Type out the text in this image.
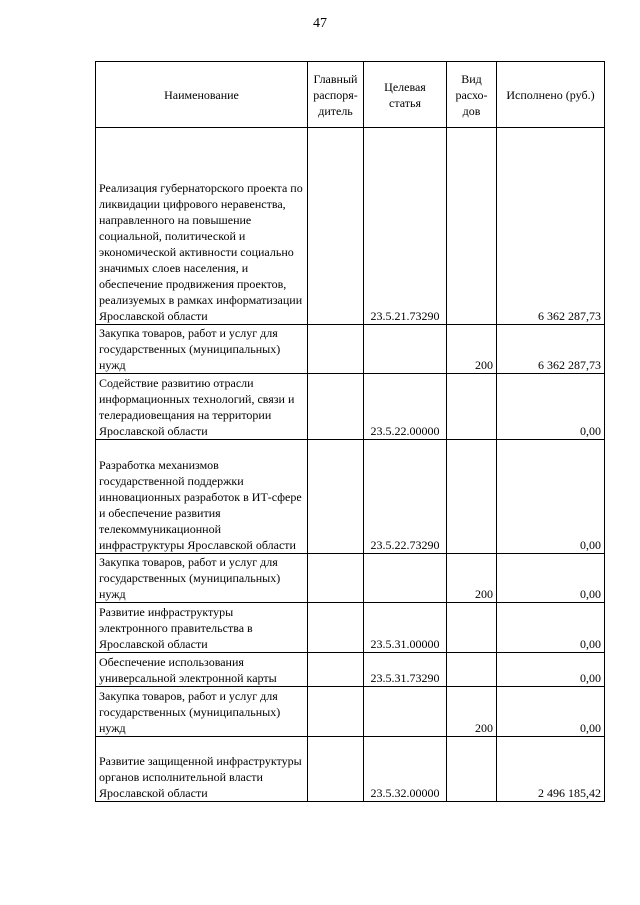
47
Наименование	Главный распоря-дитель	Целевая статья	Вид расхо-дов	Исполнено (руб.)
Реализация губернаторского проекта по ликвидации цифрового неравенства, направленного на повышение социальной, политической и экономической активности социально значимых слоев населения, и обеспечение продвижения проектов, реализуемых в рамках информатизации Ярославской области		23.5.21.73290		6 362 287,73
Закупка товаров, работ и услуг для государственных (муниципальных) нужд			200	6 362 287,73
Содействие развитию отрасли информационных технологий, связи и телерадиовещания на территории Ярославской области		23.5.22.00000		0,00
Разработка механизмов государственной поддержки инновационных разработок в ИТ-сфере и обеспечение развития телекоммуникационной инфраструктуры Ярославской области		23.5.22.73290		0,00
Закупка товаров, работ и услуг для государственных (муниципальных) нужд			200	0,00
Развитие инфраструктуры электронного правительства в Ярославской области		23.5.31.00000		0,00
Обеспечение использования универсальной электронной карты		23.5.31.73290		0,00
Закупка товаров, работ и услуг для государственных (муниципальных) нужд			200	0,00
Развитие защищенной инфраструктуры органов исполнительной власти Ярославской области		23.5.32.00000		2 496 185,42
